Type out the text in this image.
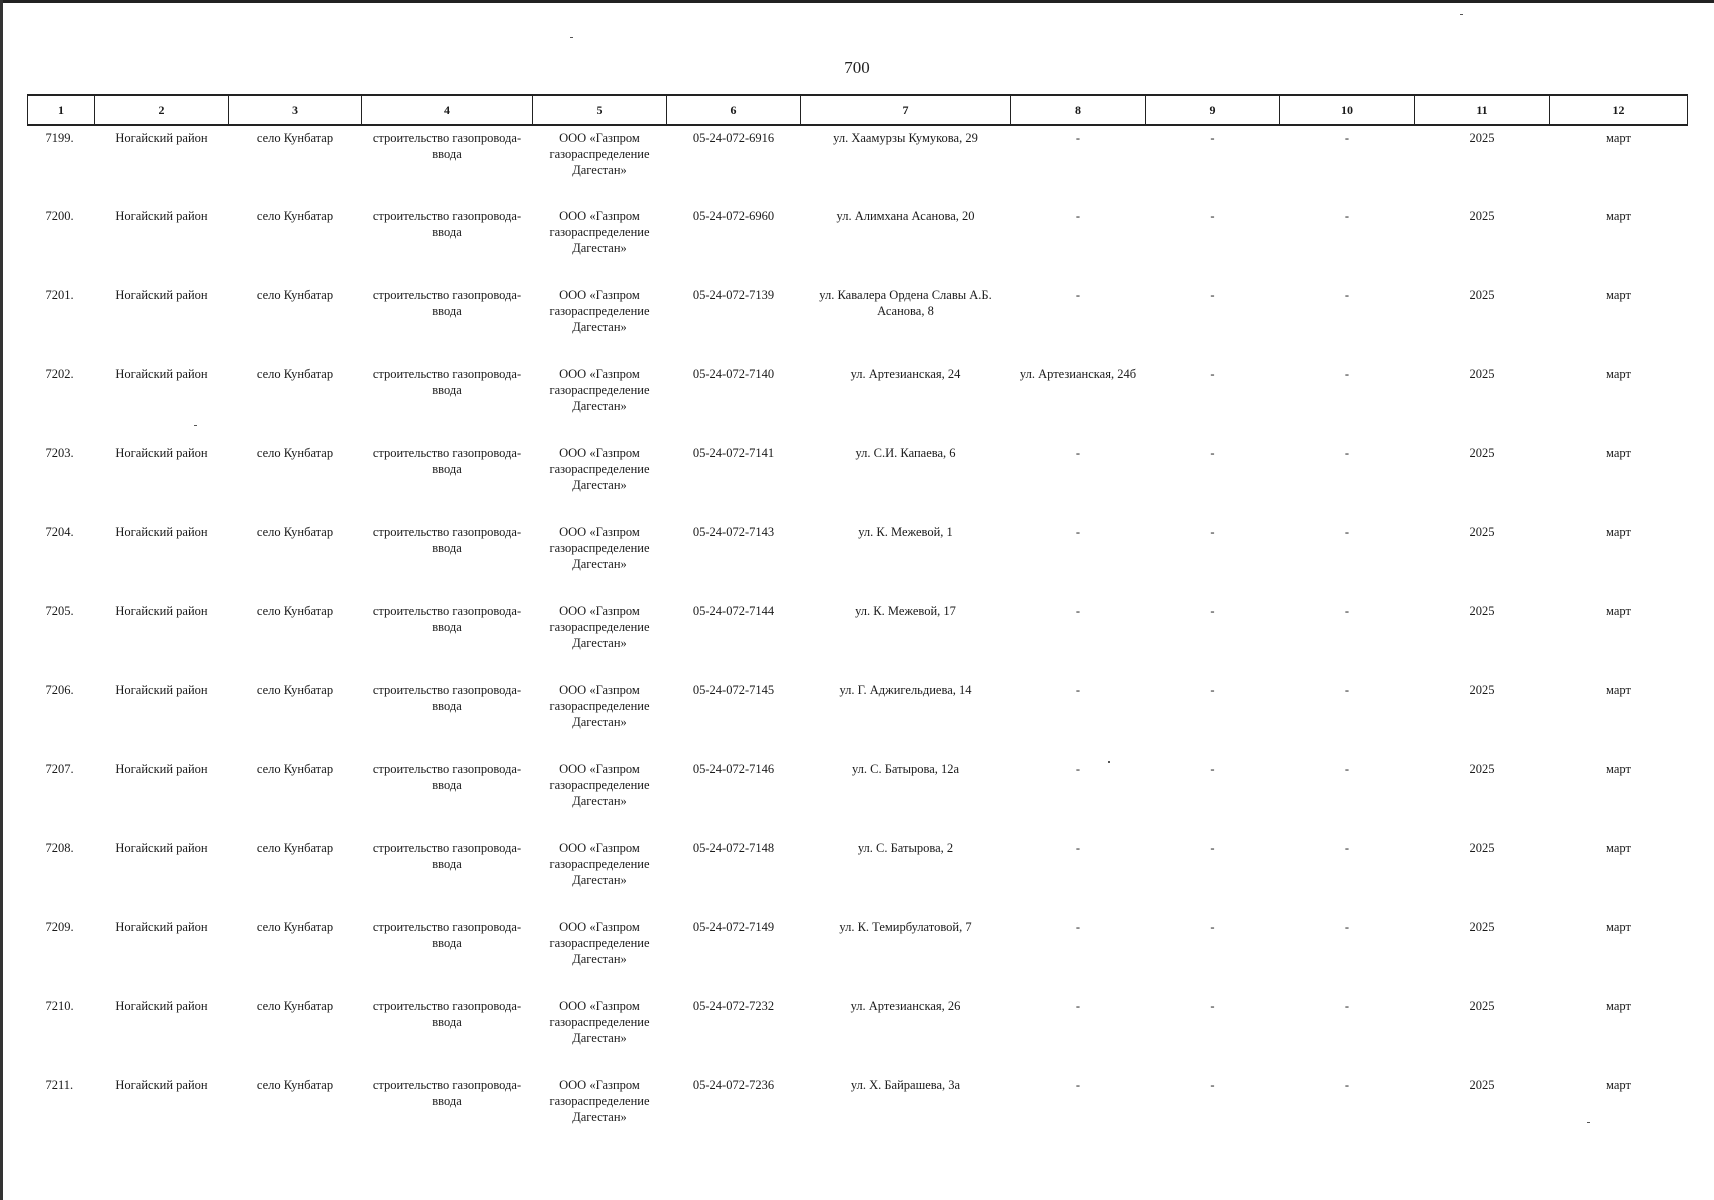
700
1	2	3	4	5	6	7	8	9	10	11	12
7199.	Ногайский район	село Кунбатар	строительство газопровода-ввода	ООО «Газпром газораспределение Дагестан»	05-24-072-6916	ул. Хаамурзы Кумукова, 29	-	-	-	2025	март
7200.	Ногайский район	село Кунбатар	строительство газопровода-ввода	ООО «Газпром газораспределение Дагестан»	05-24-072-6960	ул. Алимхана Асанова, 20	-	-	-	2025	март
7201.	Ногайский район	село Кунбатар	строительство газопровода-ввода	ООО «Газпром газораспределение Дагестан»	05-24-072-7139	ул. Кавалера Ордена Славы А.Б. Асанова, 8	-	-	-	2025	март
7202.	Ногайский район	село Кунбатар	строительство газопровода-ввода	ООО «Газпром газораспределение Дагестан»	05-24-072-7140	ул. Артезианская, 24	ул. Артезианская, 24б	-	-	2025	март
7203.	Ногайский район	село Кунбатар	строительство газопровода-ввода	ООО «Газпром газораспределение Дагестан»	05-24-072-7141	ул. С.И. Капаева, 6	-	-	-	2025	март
7204.	Ногайский район	село Кунбатар	строительство газопровода-ввода	ООО «Газпром газораспределение Дагестан»	05-24-072-7143	ул. К. Межевой, 1	-	-	-	2025	март
7205.	Ногайский район	село Кунбатар	строительство газопровода-ввода	ООО «Газпром газораспределение Дагестан»	05-24-072-7144	ул. К. Межевой, 17	-	-	-	2025	март
7206.	Ногайский район	село Кунбатар	строительство газопровода-ввода	ООО «Газпром газораспределение Дагестан»	05-24-072-7145	ул. Г. Аджигельдиева, 14	-	-	-	2025	март
7207.	Ногайский район	село Кунбатар	строительство газопровода-ввода	ООО «Газпром газораспределение Дагестан»	05-24-072-7146	ул. С. Батырова, 12а	-	-	-	2025	март
7208.	Ногайский район	село Кунбатар	строительство газопровода-ввода	ООО «Газпром газораспределение Дагестан»	05-24-072-7148	ул. С. Батырова, 2	-	-	-	2025	март
7209.	Ногайский район	село Кунбатар	строительство газопровода-ввода	ООО «Газпром газораспределение Дагестан»	05-24-072-7149	ул. К. Темирбулатовой, 7	-	-	-	2025	март
7210.	Ногайский район	село Кунбатар	строительство газопровода-ввода	ООО «Газпром газораспределение Дагестан»	05-24-072-7232	ул. Артезианская, 26	-	-	-	2025	март
7211.	Ногайский район	село Кунбатар	строительство газопровода-ввода	ООО «Газпром газораспределение Дагестан»	05-24-072-7236	ул. Х. Байрашева, 3а	-	-	-	2025	март
